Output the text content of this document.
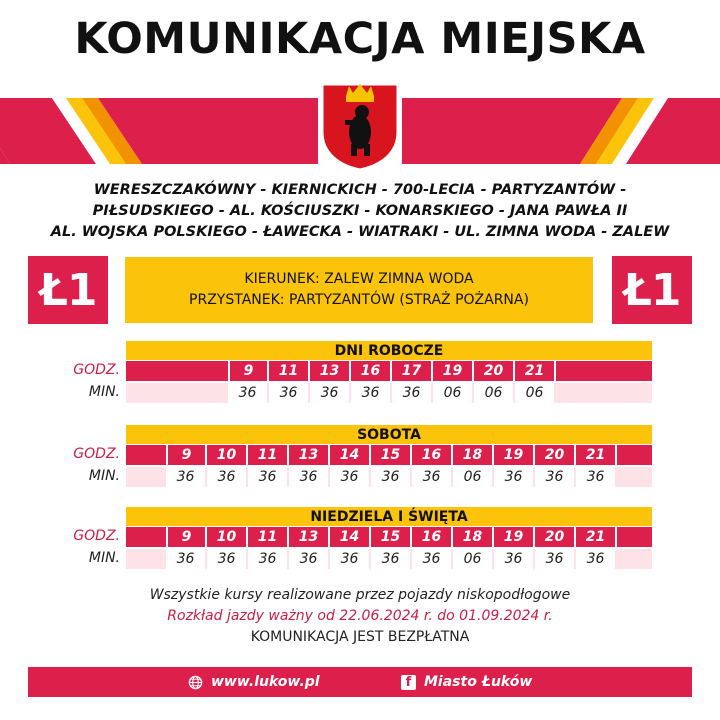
KOMUNIKACJA MIEJSKA
WERESZCZAKÓWNY - KIERNICKICH - 700-LECIA - PARTYZANTÓW -
PIŁSUDSKIEGO - AL. KOŚCIUSZKI - KONARSKIEGO - JANA PAWŁA II
AL. WOJSKA POLSKIEGO - ŁAWECKA - WIATRAKI - UL. ZIMNA WODA - ZALEW
Ł1	Ł1
KIERUNEK: ZALEW ZIMNA WODA
PRZYSTANEK: PARTYZANTÓW (STRAŻ POŻARNA)
DNI ROBOCZE
GODZ.
MIN.
9
36
11
36
13
36
16
36
17
36
19
06
20
06
21
06
SOBOTA
GODZ.
MIN.
9
36
10
36
11
36
13
36
14
36
15
36
16
36
18
06
19
36
20
36
21
36
NIEDZIELA I ŚWIĘTA
GODZ.
MIN.
9
36
10
36
11
36
13
36
14
36
15
36
16
36
18
06
19
36
20
36
21
36
Wszystkie kursy realizowane przez pojazdy niskopodłogowe
Rozkład jazdy ważny od 22.06.2024 r. do 01.09.2024 r.
KOMUNIKACJA JEST BEZPŁATNA
www.lukow.pl	f Miasto Łuków
